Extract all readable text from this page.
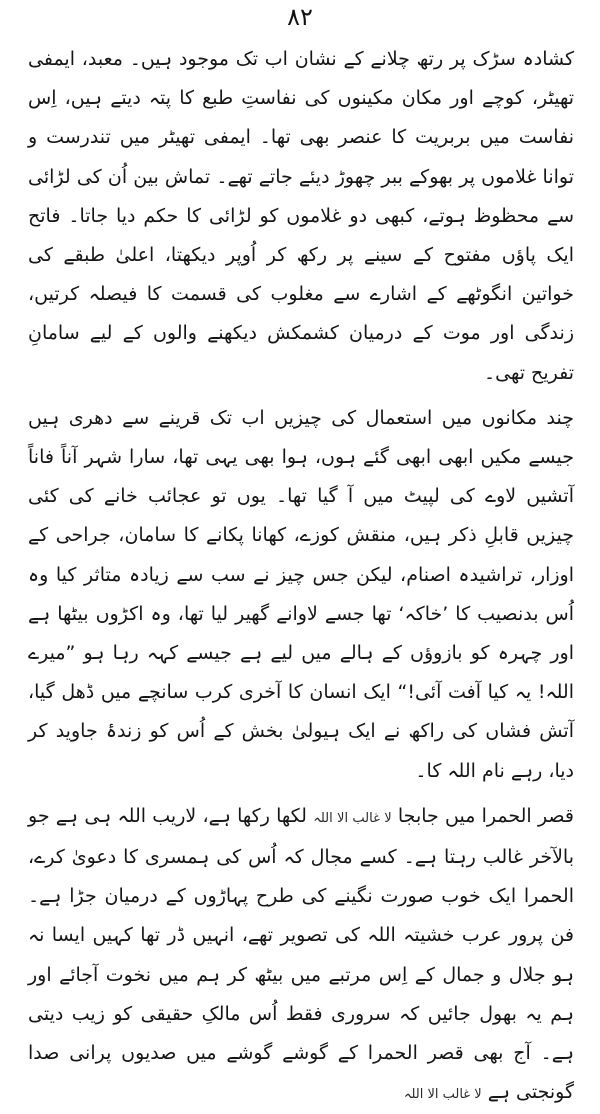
۸۲

کشادہ سڑک پر رتھ چلانے کے نشان اب تک موجود ہیں۔ معبد، ایمفی تھیٹر، کوچے اور مکان مکینوں کی نفاستِ طبع کا پتہ دیتے ہیں، اِس نفاست میں بربریت کا عنصر بھی تھا۔ ایمفی تھیٹر میں تندرست و توانا غلاموں پر بھوکے ببر چھوڑ دیئے جاتے تھے۔ تماش بین اُن کی لڑائی سے محظوظ ہوتے، کبھی دو غلاموں کو لڑائی کا حکم دیا جاتا۔ فاتح ایک پاؤں مفتوح کے سینے پر رکھ کر اُوپر دیکھتا، اعلیٰ طبقے کی خواتین انگوٹھے کے اشارے سے مغلوب کی قسمت کا فیصلہ کرتیں، زندگی اور موت کے درمیان کشمکش دیکھنے والوں کے لیے سامانِ تفریح تھی۔

چند مکانوں میں استعمال کی چیزیں اب تک قرینے سے دھری ہیں جیسے مکیں ابھی ابھی گئے ہوں، ہوا بھی یہی تھا، سارا شہر آناً فاناً آتشیں لاوے کی لپیٹ میں آ گیا تھا۔ یوں تو عجائب خانے کی کئی چیزیں قابلِ ذکر ہیں، منقش کوزے، کھانا پکانے کا سامان، جراحی کے اوزار، تراشیدہ اصنام، لیکن جس چیز نے سب سے زیادہ متاثر کیا وہ اُس بدنصیب کا ’خاکہ‘ تھا جسے لاوانے گھیر لیا تھا، وہ اکڑوں بیٹھا ہے اور چہرہ کو بازوؤں کے ہالے میں لیے ہے جیسے کہہ رہا ہو ”میرے اللہ! یہ کیا آفت آئی!“ ایک انسان کا آخری کرب سانچے میں ڈھل گیا، آتش فشاں کی راکھ نے ایک ہیولیٰ بخش کے اُس کو زندۂ جاوید کر دیا، رہے نام اللہ کا۔

قصر الحمرا میں جابجا لا غالب الا اللہ لکھا رکھا ہے، لاریب اللہ ہی ہے جو بالآخر غالب رہتا ہے۔ کسے مجال کہ اُس کی ہمسری کا دعویٰ کرے، الحمرا ایک خوب صورت نگینے کی طرح پہاڑوں کے درمیان جڑا ہے۔ فن پرور عرب خشیتہ اللہ کی تصویر تھے، انہیں ڈر تھا کہیں ایسا نہ ہو جلال و جمال کے اِس مرتبے میں بیٹھ کر ہم میں نخوت آجائے اور ہم یہ بھول جائیں کہ سروری فقط اُس مالکِ حقیقی کو زیب دیتی ہے۔ آج بھی قصر الحمرا کے گوشے گوشے میں صدیوں پرانی صدا گونجتی ہے لا غالب الا اللہ
